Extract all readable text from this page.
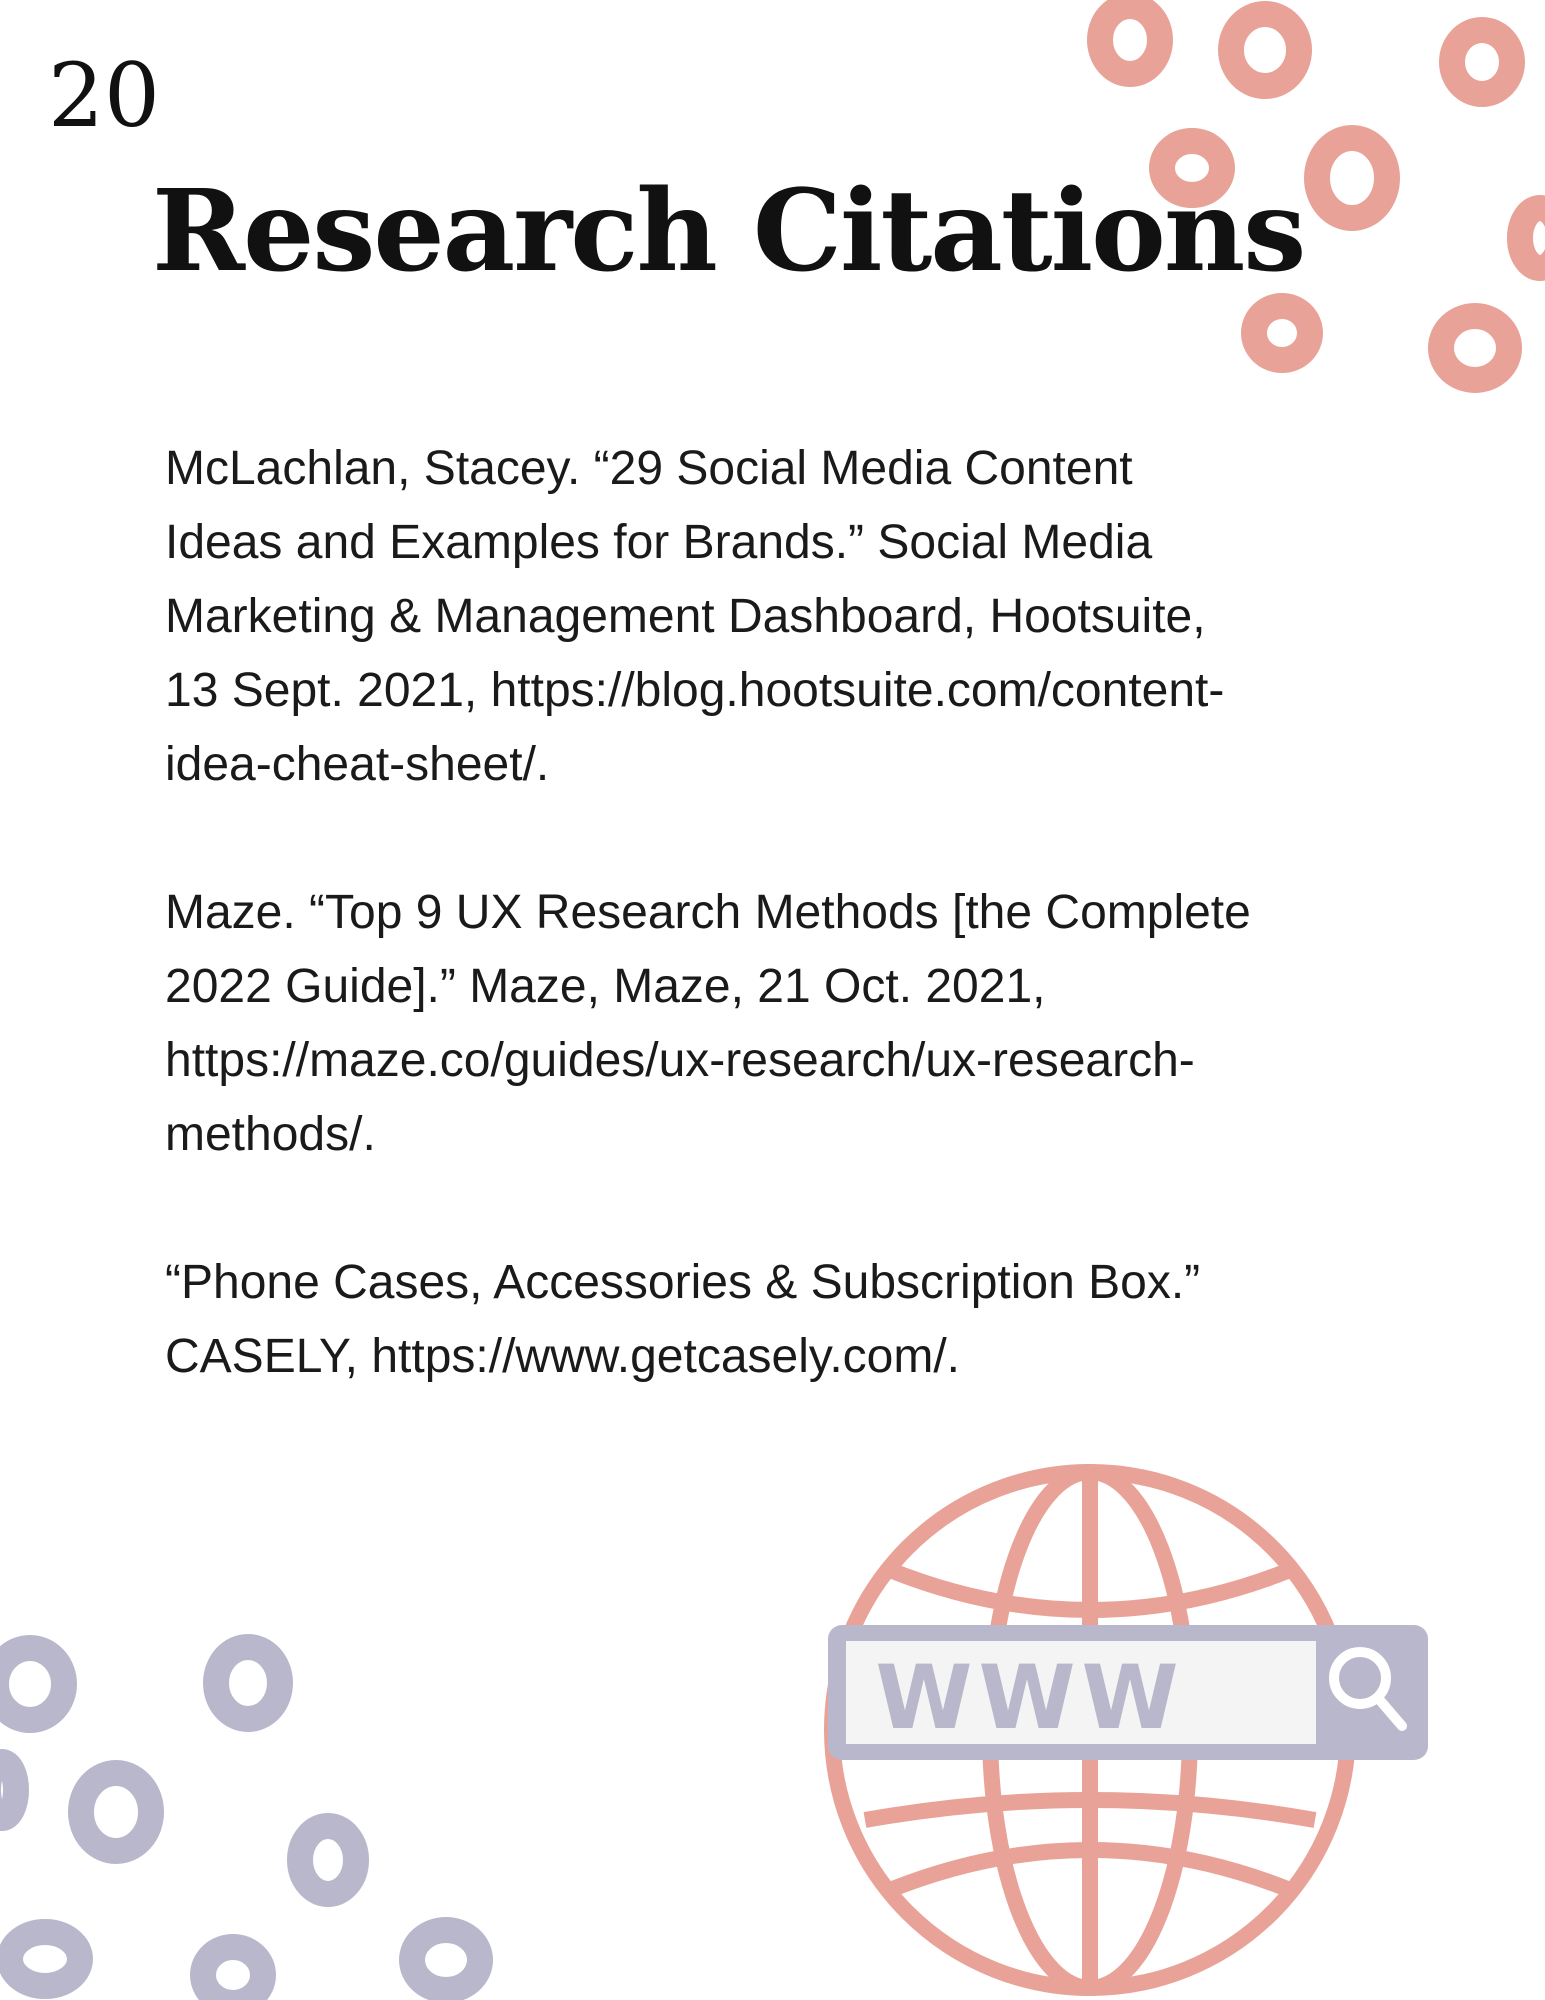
20
Research Citations

McLachlan, Stacey. “29 Social Media Content
Ideas and Examples for Brands.” Social Media
Marketing & Management Dashboard, Hootsuite,
13 Sept. 2021, https://blog.hootsuite.com/content-
idea-cheat-sheet/.

Maze. “Top 9 UX Research Methods [the Complete
2022 Guide].” Maze, Maze, 21 Oct. 2021,
https://maze.co/guides/ux-research/ux-research-
methods/.

“Phone Cases, Accessories & Subscription Box.”
CASELY, https://www.getcasely.com/.

WWW
